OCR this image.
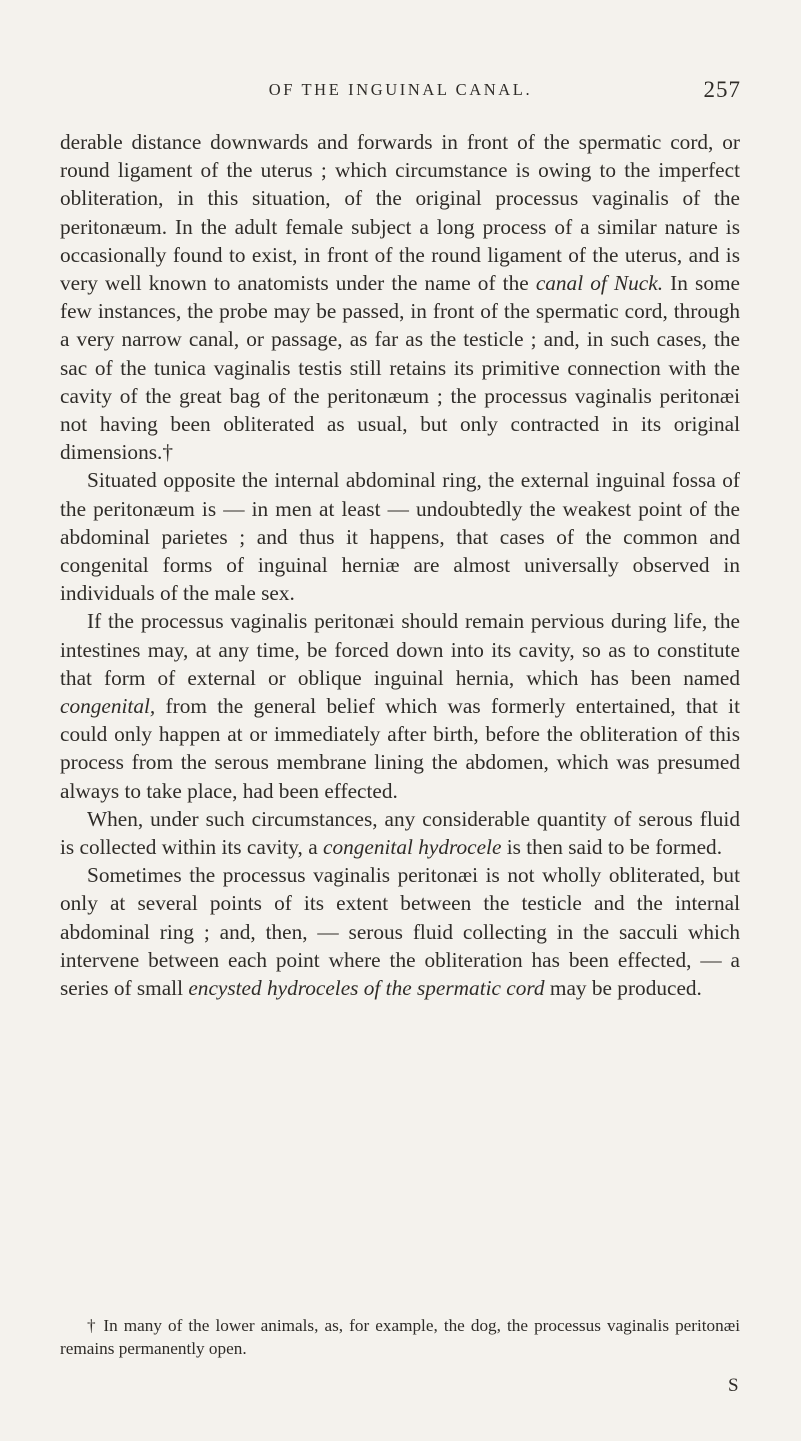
OF THE INGUINAL CANAL.	257

derable distance downwards and forwards in front of the spermatic cord, or round ligament of the uterus ; which circumstance is owing to the imperfect obliteration, in this situation, of the original processus vaginalis of the peritonæum. In the adult female subject a long process of a similar nature is occasionally found to exist, in front of the round ligament of the uterus, and is very well known to anatomists under the name of the canal of Nuck. In some few instances, the probe may be passed, in front of the spermatic cord, through a very narrow canal, or passage, as far as the testicle ; and, in such cases, the sac of the tunica vaginalis testis still retains its primitive connection with the cavity of the great bag of the peritonæum ; the processus vaginalis peritonæi not having been obliterated as usual, but only contracted in its original dimensions.†

Situated opposite the internal abdominal ring, the external inguinal fossa of the peritonæum is — in men at least — undoubtedly the weakest point of the abdominal parietes ; and thus it happens, that cases of the common and congenital forms of inguinal herniæ are almost universally observed in individuals of the male sex.

If the processus vaginalis peritonæi should remain pervious during life, the intestines may, at any time, be forced down into its cavity, so as to constitute that form of external or oblique inguinal hernia, which has been named congenital, from the general belief which was formerly entertained, that it could only happen at or immediately after birth, before the obliteration of this process from the serous membrane lining the abdomen, which was presumed always to take place, had been effected.

When, under such circumstances, any considerable quantity of serous fluid is collected within its cavity, a congenital hydrocele is then said to be formed.

Sometimes the processus vaginalis peritonæi is not wholly obliterated, but only at several points of its extent between the testicle and the internal abdominal ring ; and, then, — serous fluid collecting in the sacculi which intervene between each point where the obliteration has been effected, — a series of small encysted hydroceles of the spermatic cord may be produced.

† In many of the lower animals, as, for example, the dog, the processus vaginalis peritonæi remains permanently open.
S
